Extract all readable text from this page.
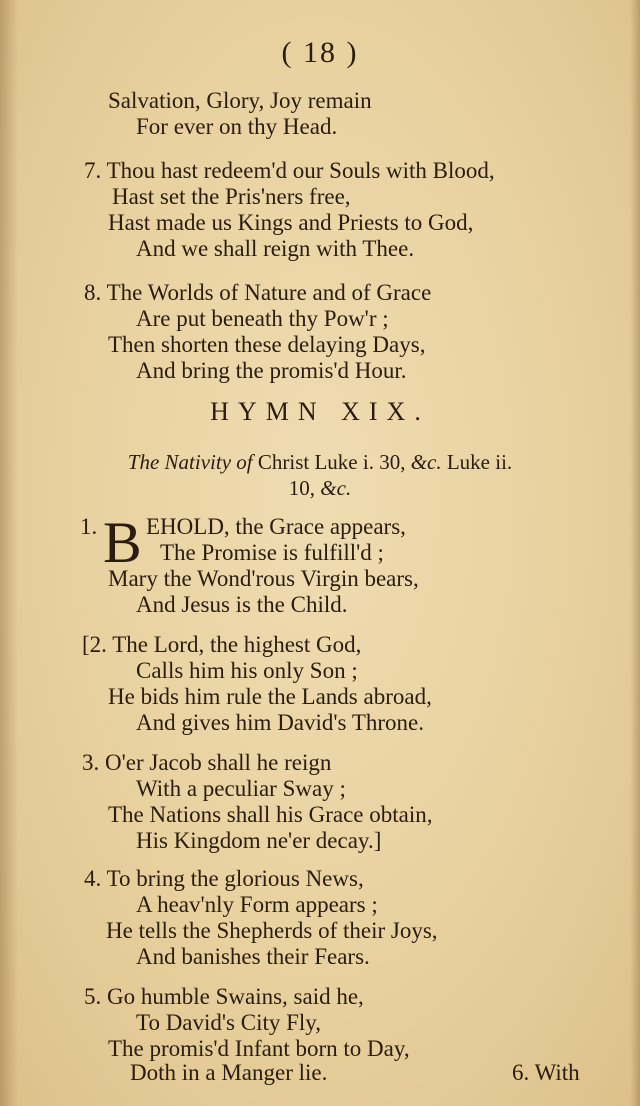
( 18 )
Salvation, Glory, Joy remain
For ever on thy Head.
7. Thou hast redeem'd our Souls with Blood,
Hast set the Pris'ners free,
Hast made us Kings and Priests to God,
And we shall reign with Thee.
8. The Worlds of Nature and of Grace
Are put beneath thy Pow'r ;
Then shorten these delaying Days,
And bring the promis'd Hour.
HYMN XIX.
The Nativity of Christ Luke i. 30, &c. Luke ii.
10, &c.
1. B EHOLD, the Grace appears,
The Promise is fulfill'd ;
Mary the Wond'rous Virgin bears,
And Jesus is the Child.
[2. The Lord, the highest God,
Calls him his only Son ;
He bids him rule the Lands abroad,
And gives him David's Throne.
3. O'er Jacob shall he reign
With a peculiar Sway ;
The Nations shall his Grace obtain,
His Kingdom ne'er decay.]
4. To bring the glorious News,
A heav'nly Form appears ;
He tells the Shepherds of their Joys,
And banishes their Fears.
5. Go humble Swains, said he,
To David's City Fly,
The promis'd Infant born to Day,
Doth in a Manger lie.	6. With
